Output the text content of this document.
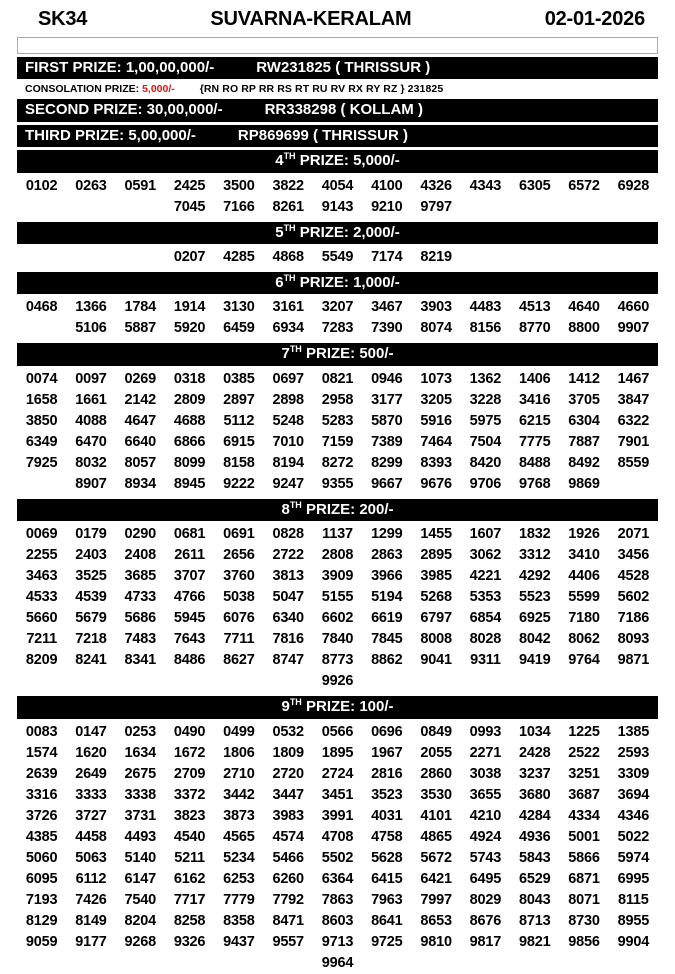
SK34	SUVARNA-KERALAM	02-01-2026
FIRST PRIZE: 1,00,00,000/-	RW231825 ( THRISSUR )
CONSOLATION PRIZE: 5,000/- {RN RO RP RR RS RT RU RV RX RY RZ } 231825
SECOND PRIZE: 30,00,000/-	RR338298 ( KOLLAM )
THIRD PRIZE: 5,00,000/-	RP869699 ( THRISSUR )
4TH PRIZE: 5,000/-
0102	0263	0591	2425	3500	3822	4054	4100	4326	4343	6305	6572	6928
7045	7166	8261	9143	9210	9797
5TH PRIZE: 2,000/-
0207	4285	4868	5549	7174	8219
6TH PRIZE: 1,000/-
0468	1366	1784	1914	3130	3161	3207	3467	3903	4483	4513	4640	4660
5106	5887	5920	6459	6934	7283	7390	8074	8156	8770	8800	9907
7TH PRIZE: 500/-
0074	0097	0269	0318	0385	0697	0821	0946	1073	1362	1406	1412	1467
1658	1661	2142	2809	2897	2898	2958	3177	3205	3228	3416	3705	3847
3850	4088	4647	4688	5112	5248	5283	5870	5916	5975	6215	6304	6322
6349	6470	6640	6866	6915	7010	7159	7389	7464	7504	7775	7887	7901
7925	8032	8057	8099	8158	8194	8272	8299	8393	8420	8488	8492	8559
8907	8934	8945	9222	9247	9355	9667	9676	9706	9768	9869
8TH PRIZE: 200/-
0069	0179	0290	0681	0691	0828	1137	1299	1455	1607	1832	1926	2071
2255	2403	2408	2611	2656	2722	2808	2863	2895	3062	3312	3410	3456
3463	3525	3685	3707	3760	3813	3909	3966	3985	4221	4292	4406	4528
4533	4539	4733	4766	5038	5047	5155	5194	5268	5353	5523	5599	5602
5660	5679	5686	5945	6076	6340	6602	6619	6797	6854	6925	7180	7186
7211	7218	7483	7643	7711	7816	7840	7845	8008	8028	8042	8062	8093
8209	8241	8341	8486	8627	8747	8773	8862	9041	9311	9419	9764	9871
9926
9TH PRIZE: 100/-
0083	0147	0253	0490	0499	0532	0566	0696	0849	0993	1034	1225	1385
1574	1620	1634	1672	1806	1809	1895	1967	2055	2271	2428	2522	2593
2639	2649	2675	2709	2710	2720	2724	2816	2860	3038	3237	3251	3309
3316	3333	3338	3372	3442	3447	3451	3523	3530	3655	3680	3687	3694
3726	3727	3731	3823	3873	3983	3991	4031	4101	4210	4284	4334	4346
4385	4458	4493	4540	4565	4574	4708	4758	4865	4924	4936	5001	5022
5060	5063	5140	5211	5234	5466	5502	5628	5672	5743	5843	5866	5974
6095	6112	6147	6162	6253	6260	6364	6415	6421	6495	6529	6871	6995
7193	7426	7540	7717	7779	7792	7863	7963	7997	8029	8043	8071	8115
8129	8149	8204	8258	8358	8471	8603	8641	8653	8676	8713	8730	8955
9059	9177	9268	9326	9437	9557	9713	9725	9810	9817	9821	9856	9904
9964
